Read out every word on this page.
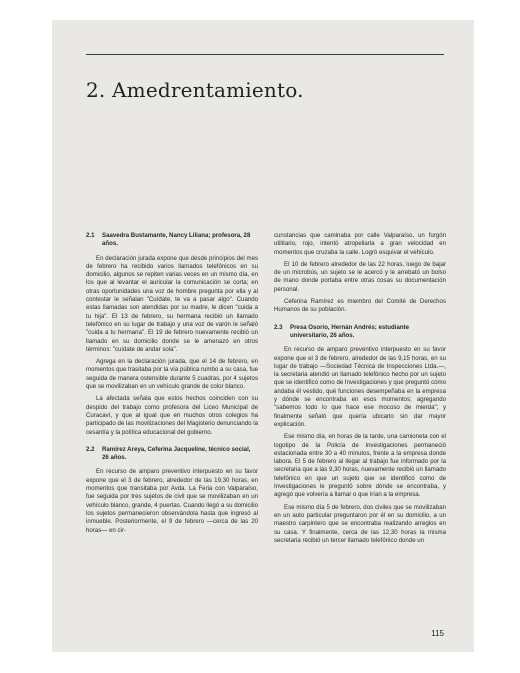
2. Amedrentamiento.
2.1	Saavedra Bustamante, Nancy Liliana; profesora, 28 años.

En declaración jurada expone que desde principios del mes de febrero ha recibido varios llamados telefónicos en su domicilio, algunos se repiten varias veces en un mismo día, en los que al levantar el auricular la comunicación se corta; en otras oportunidades una voz de hombre pregunta por ella y al contestar le señalan "Cuídate, te va a pasar algo". Cuando estas llamadas son atendidas por su madre, le dicen "cuida a tu hija". El 13 de febrero, su hermana recibió un llamado telefónico en su lugar de trabajo y una voz de varón le señaló "cuida a tu hermana". El 19 de febrero nuevamente recibió un llamado en su domicilio donde se le amenazó en otros términos: "cuídate de andar sola".

Agrega en la declaración jurada, que el 14 de febrero, en momentos que trasitaba por la vía pública rumbo a su casa, fue seguida de manera ostensible durante 5 cuadras, por 4 sujetos que se movilizaban en un vehículo grande de color blanco.

La afectada señala que estos hechos coinciden con su despido del trabajo como profesora del Liceo Municipal de Curacaví, y que al igual que en muchos otros colegios ha participado de las movilizaciones del Magisterio denunciando la cesantía y la política educacional del gobierno.

2.2	Ramírez Areya, Ceferina Jacqueline, técnico social, 26 años.

En recurso de amparo preventivo interpuesto en su favor expone que el 3 de febrero, alrededor de las 19,30 horas, en momentos que transitaba por Avda. La Feria con Valparaíso, fue seguida por tres sujetos de civil que se movilizaban en un vehículo blanco, grande, 4 puertas. Cuando llegó a su domicilio los sujetos permanecieron observándola hasta que ingresó al inmueble. Posteriormente, el 9 de febrero —cerca de las 20 horas— en cir-

cunstancias que caminaba por calle Valparaíso, un furgón utilitario, rojo, intentó atropellarla a gran velocidad en momentos que cruzaba la calle. Logró esquivar el vehículo.

El 10 de febrero alrededor de las 22 horas, luego de bajar de un microbús, un sujeto se le acercó y le arrebató un bolso de mano donde portaba entre otras cosas su documentación personal.

Ceferina Ramírez es miembro del Comité de Derechos Humanos de su población.

2.3	Presa Osorio, Hernán Andrés; estudiante universitario, 26 años.

En recurso de amparo preventivo interpuesto en su favor expone que el 3 de febrero, alrededor de las 9,15 horas, en su lugar de trabajo —Sociedad Técnica de Inspecciones Ltda.—, la secretaria atendió un llamado telefónico hecho por un sujeto que se identificó como de Investigaciones y que preguntó cómo andaba él vestido, qué funciones desempeñaba en la empresa y dónde se encontraba en esos momentos; agregando "sabemos todo lo que hace ese mocoso de mierda"; y finalmente señaló que quería ubicarlo sin dar mayor explicación.

Ese mismo día, en horas de la tarde, una camioneta con el logotipo de la Policía de Investigaciones permaneció estacionada entre 30 a 40 minutos, frente a la empresa donde labora. El 5 de febrero al llegar al trabajo fue informado por la secretaria que a las 9,30 horas, nuevamente recibió un llamado telefónico en que un sujeto que se identificó como de Investigaciones le preguntó sobre dónde se encontraba, y agregó que volvería a llamar o que irían a la empresa.

Ese mismo día 5 de febrero, dos civiles que se movilizaban en un auto particular preguntaron por él en su domicilio, a un maestro carpintero que se encontraba realizando arreglos en su casa. Y finalmente, cerca de las 12,30 horas la misma secretaria recibió un tercer llamado telefónico donde un

115
